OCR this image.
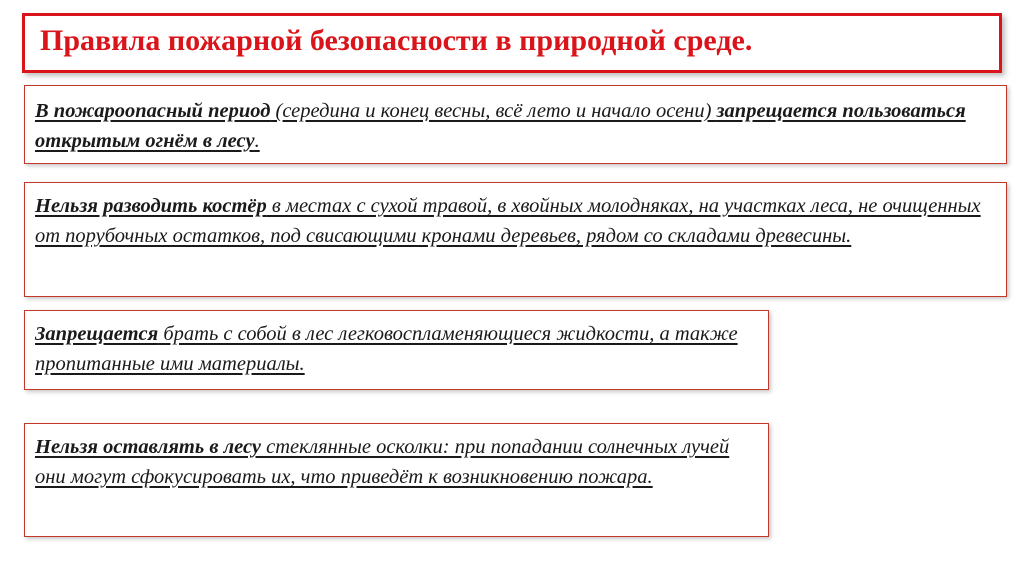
Правила пожарной безопасности в природной среде.
В пожароопасный период (середина и конец весны, всё лето и начало осени) запрещается пользоваться открытым огнём в лесу.
Нельзя разводить костёр в местах с сухой травой, в хвойных молодняках, на участках леса, не очищенных от порубочных остатков, под свисающими кронами деревьев, рядом со складами древесины.
Запрещается брать с собой в лес легковоспламеняющиеся жидкости, а также пропитанные ими материалы.
Нельзя оставлять в лесу стеклянные осколки: при попадании солнечных лучей они могут сфокусировать их, что приведёт к возникновению пожара.
